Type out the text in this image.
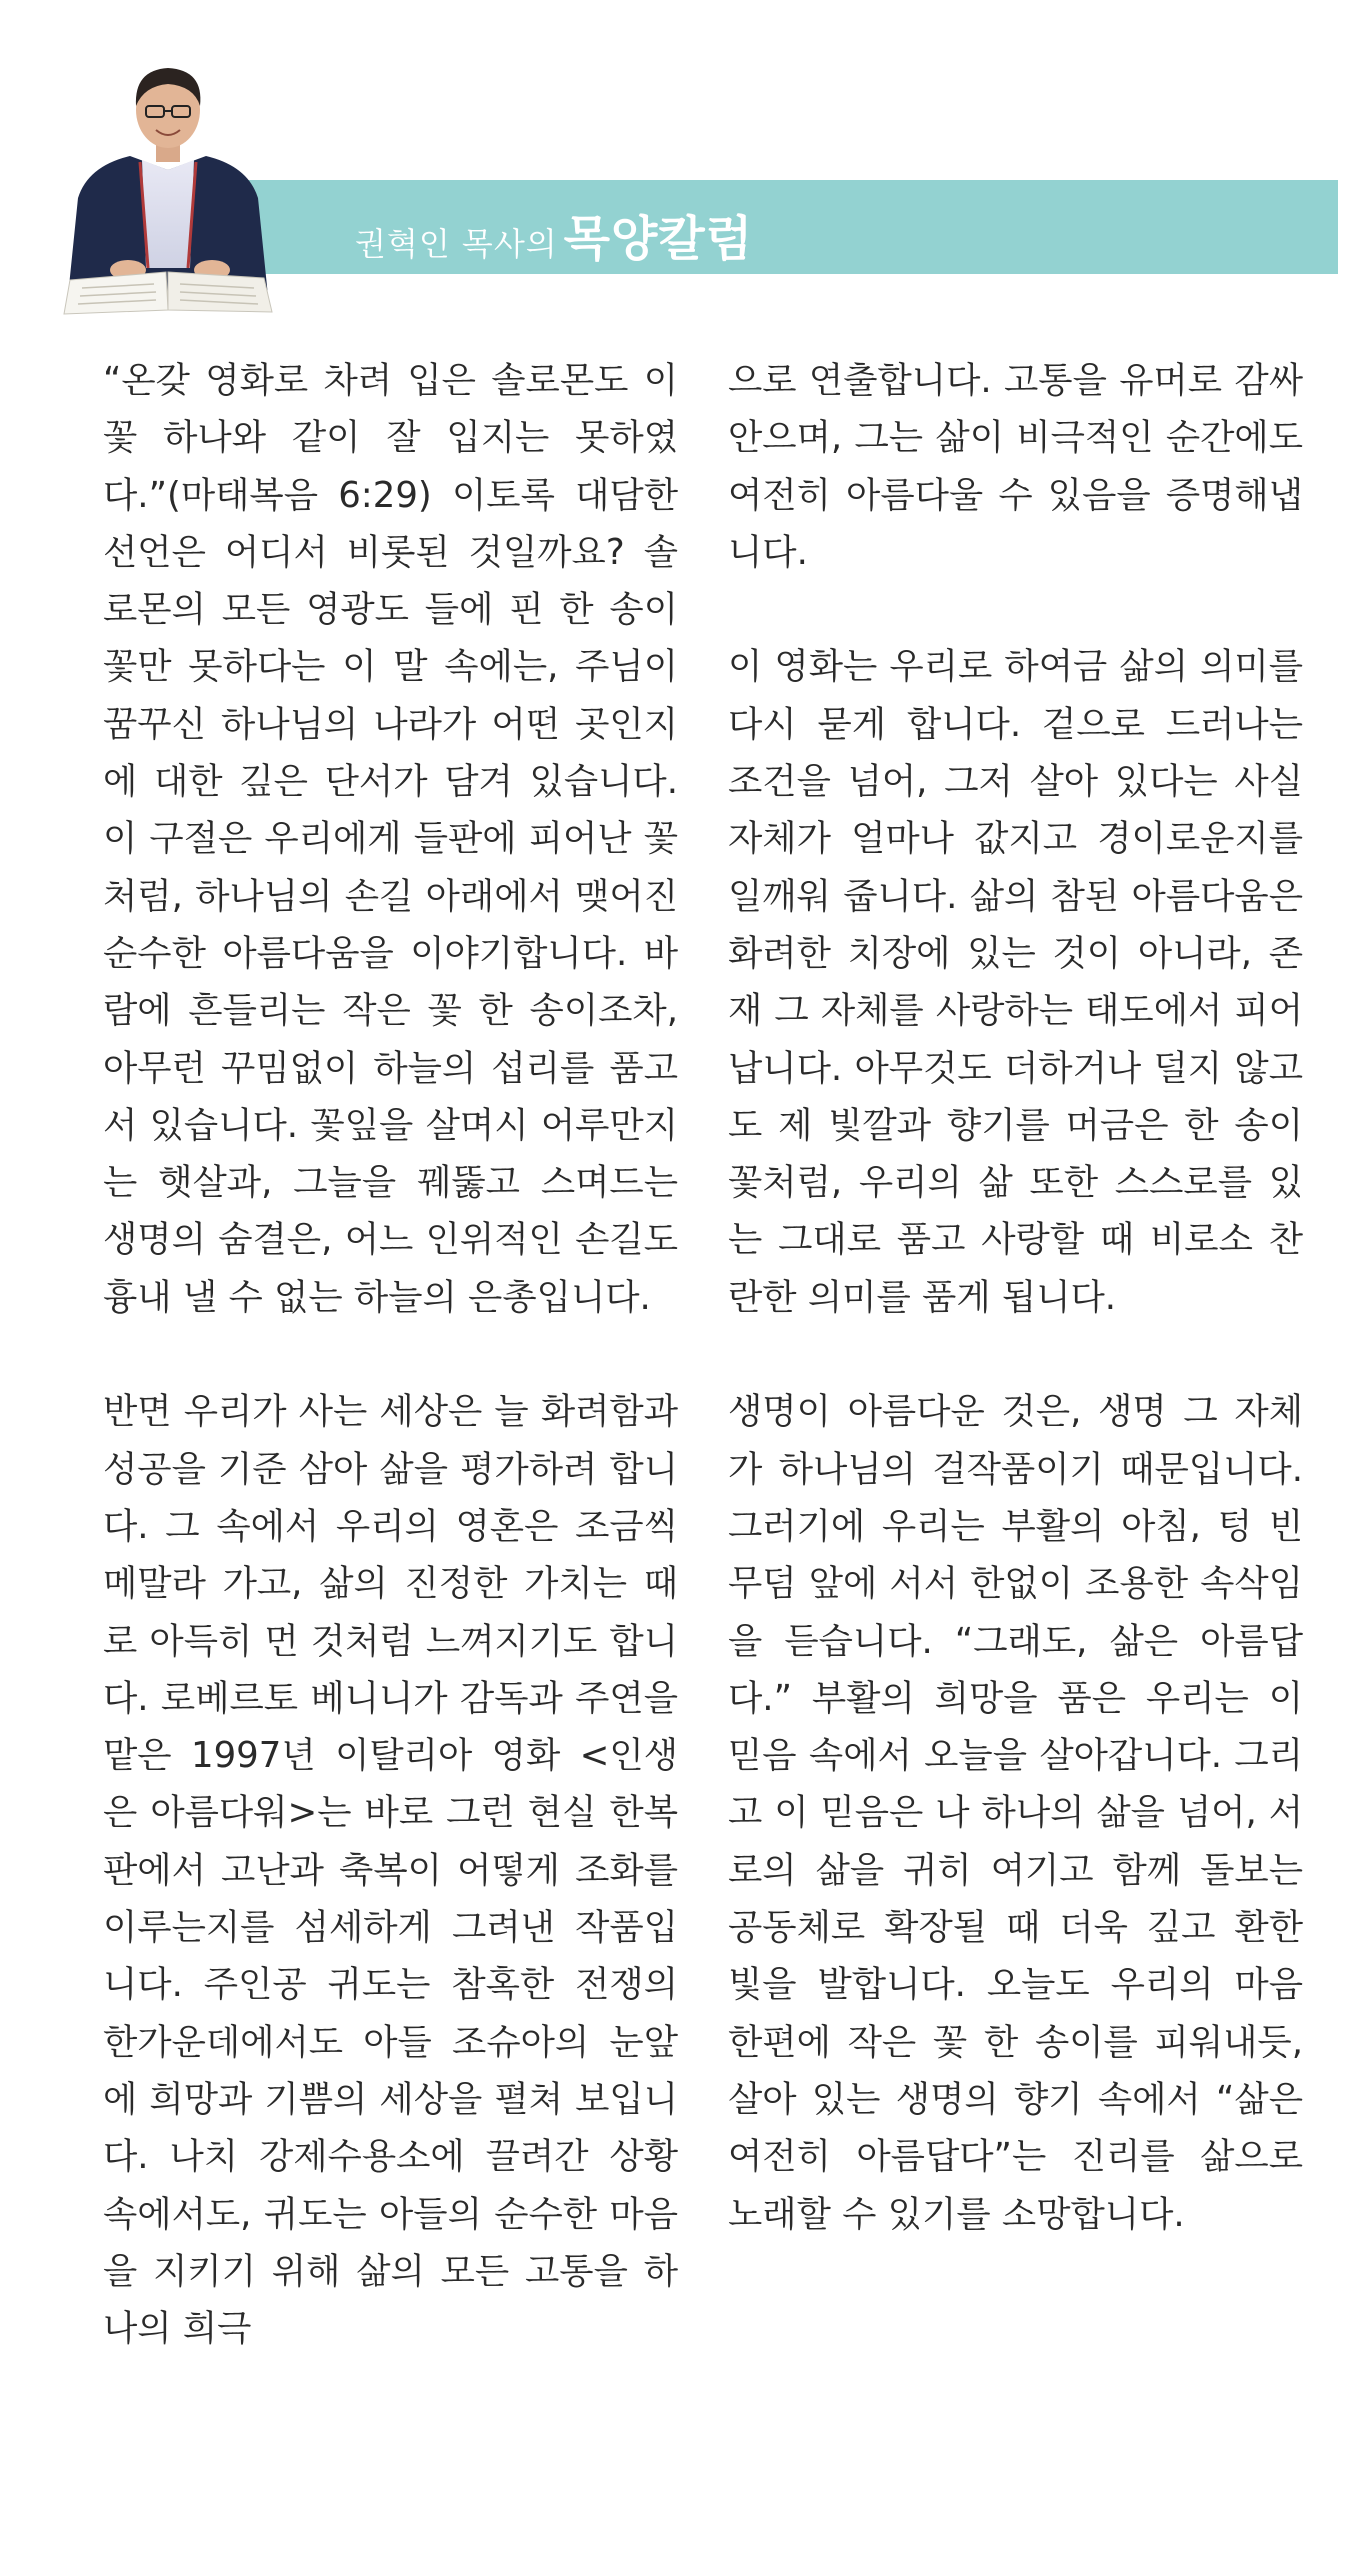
권혁인 목사의 목양칼럼

“온갖 영화로 차려 입은 솔로몬도 이 꽃 하나와 같이 잘 입지는 못하였다.”(마태복음 6:29) 이토록 대담한 선언은 어디서 비롯된 것일까요? 솔로몬의 모든 영광도 들에 핀 한 송이 꽃만 못하다는 이 말 속에는, 주님이 꿈꾸신 하나님의 나라가 어떤 곳인지에 대한 깊은 단서가 담겨 있습니다. 이 구절은 우리에게 들판에 피어난 꽃처럼, 하나님의 손길 아래에서 맺어진 순수한 아름다움을 이야기합니다. 바람에 흔들리는 작은 꽃 한 송이조차, 아무런 꾸밈없이 하늘의 섭리를 품고 서 있습니다. 꽃잎을 살며시 어루만지는 햇살과, 그늘을 꿰뚫고 스며드는 생명의 숨결은, 어느 인위적인 손길도 흉내 낼 수 없는 하늘의 은총입니다.

반면 우리가 사는 세상은 늘 화려함과 성공을 기준 삼아 삶을 평가하려 합니다. 그 속에서 우리의 영혼은 조금씩 메말라 가고, 삶의 진정한 가치는 때로 아득히 먼 것처럼 느껴지기도 합니다. 로베르토 베니니가 감독과 주연을 맡은 1997년 이탈리아 영화 <인생은 아름다워>는 바로 그런 현실 한복판에서 고난과 축복이 어떻게 조화를 이루는지를 섬세하게 그려낸 작품입니다. 주인공 귀도는 참혹한 전쟁의 한가운데에서도 아들 조슈아의 눈앞에 희망과 기쁨의 세상을 펼쳐 보입니다. 나치 강제수용소에 끌려간 상황 속에서도, 귀도는 아들의 순수한 마음을 지키기 위해 삶의 모든 고통을 하나의 희극

으로 연출합니다. 고통을 유머로 감싸 안으며, 그는 삶이 비극적인 순간에도 여전히 아름다울 수 있음을 증명해냅니다.

이 영화는 우리로 하여금 삶의 의미를 다시 묻게 합니다. 겉으로 드러나는 조건을 넘어, 그저 살아 있다는 사실 자체가 얼마나 값지고 경이로운지를 일깨워 줍니다. 삶의 참된 아름다움은 화려한 치장에 있는 것이 아니라, 존재 그 자체를 사랑하는 태도에서 피어납니다. 아무것도 더하거나 덜지 않고도 제 빛깔과 향기를 머금은 한 송이 꽃처럼, 우리의 삶 또한 스스로를 있는 그대로 품고 사랑할 때 비로소 찬란한 의미를 품게 됩니다.

생명이 아름다운 것은, 생명 그 자체가 하나님의 걸작품이기 때문입니다. 그러기에 우리는 부활의 아침, 텅 빈 무덤 앞에 서서 한없이 조용한 속삭임을 듣습니다. “그래도, 삶은 아름답다.” 부활의 희망을 품은 우리는 이 믿음 속에서 오늘을 살아갑니다. 그리고 이 믿음은 나 하나의 삶을 넘어, 서로의 삶을 귀히 여기고 함께 돌보는 공동체로 확장될 때 더욱 깊고 환한 빛을 발합니다. 오늘도 우리의 마음 한편에 작은 꽃 한 송이를 피워내듯, 살아 있는 생명의 향기 속에서 “삶은 여전히 아름답다”는 진리를 삶으로 노래할 수 있기를 소망합니다.
